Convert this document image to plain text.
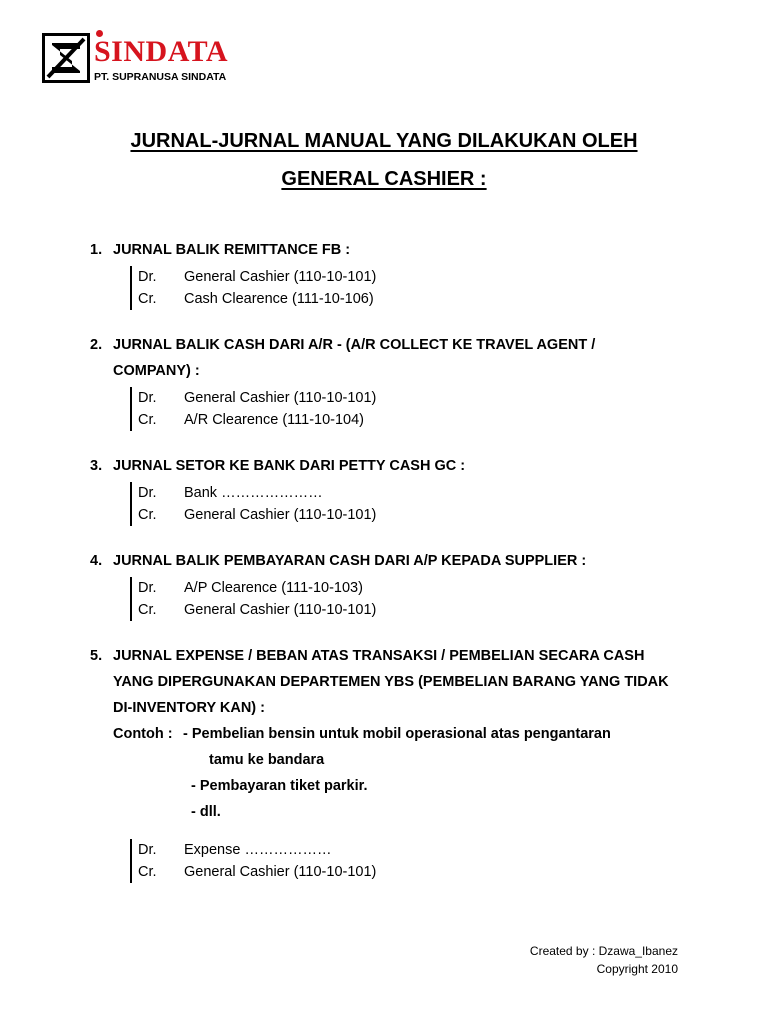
SINDATA
PT. SUPRANUSA SINDATA
JURNAL-JURNAL MANUAL YANG DILAKUKAN OLEH
GENERAL CASHIER :
1. JURNAL BALIK REMITTANCE FB :
Dr.	General Cashier (110-10-101)
Cr.	Cash Clearence (111-10-106)
2. JURNAL BALIK CASH DARI A/R - (A/R COLLECT KE TRAVEL AGENT /
COMPANY) :
Dr.	General Cashier (110-10-101)
Cr.	A/R Clearence (111-10-104)
3. JURNAL SETOR KE BANK DARI PETTY CASH GC :
Dr.	Bank …………………
Cr.	General Cashier (110-10-101)
4. JURNAL BALIK PEMBAYARAN CASH DARI A/P KEPADA SUPPLIER :
Dr.	A/P Clearence (111-10-103)
Cr.	General Cashier (110-10-101)
5. JURNAL EXPENSE / BEBAN ATAS TRANSAKSI / PEMBELIAN SECARA CASH
YANG DIPERGUNAKAN DEPARTEMEN YBS (PEMBELIAN BARANG YANG TIDAK
DI-INVENTORY KAN) :
Contoh : - Pembelian bensin untuk mobil operasional atas pengantaran
tamu ke bandara
- Pembayaran tiket parkir.
- dll.
Dr.	Expense ………………
Cr.	General Cashier (110-10-101)
Created by : Dzawa_Ibanez
Copyright 2010
